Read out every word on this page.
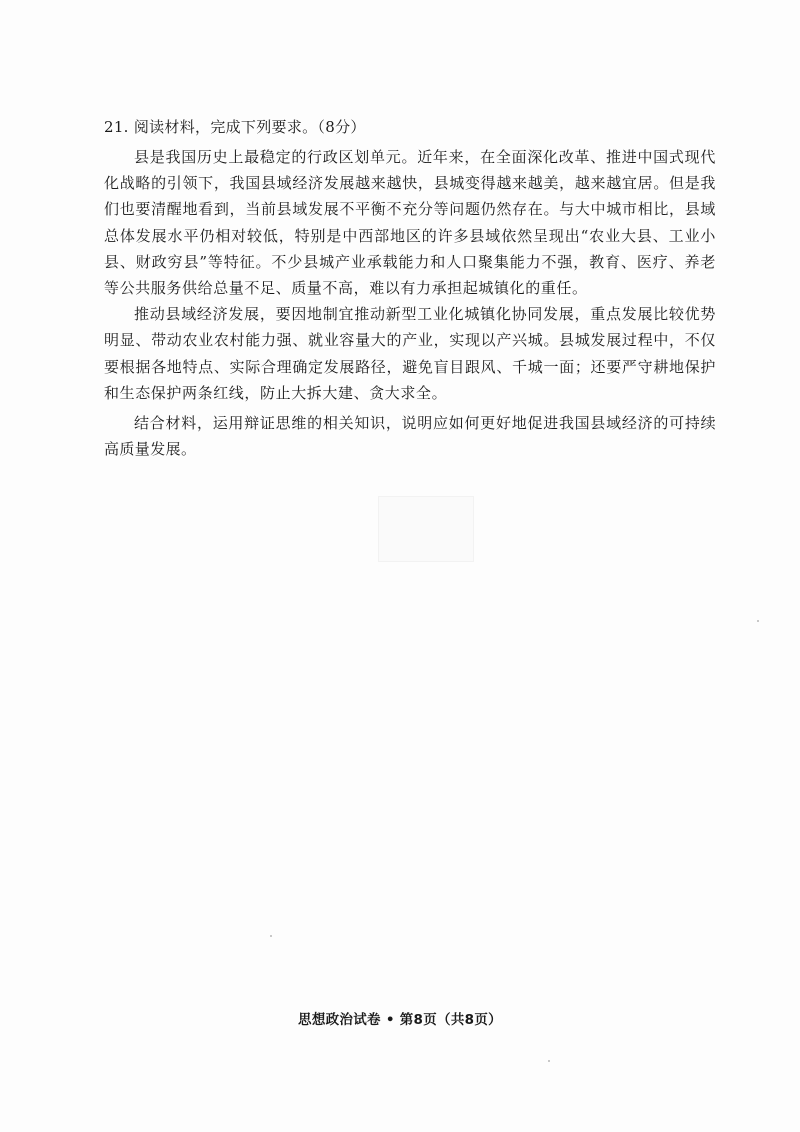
21. 阅读材料，完成下列要求。（8分）

县是我国历史上最稳定的行政区划单元。近年来，在全面深化改革、推进中国式现代化战略的引领下，我国县域经济发展越来越快，县城变得越来越美，越来越宜居。但是我们也要清醒地看到，当前县域发展不平衡不充分等问题仍然存在。与大中城市相比，县域总体发展水平仍相对较低，特别是中西部地区的许多县域依然呈现出“农业大县、工业小县、财政穷县”等特征。不少县城产业承载能力和人口聚集能力不强，教育、医疗、养老等公共服务供给总量不足、质量不高，难以有力承担起城镇化的重任。

推动县域经济发展，要因地制宜推动新型工业化城镇化协同发展，重点发展比较优势明显、带动农业农村能力强、就业容量大的产业，实现以产兴城。县城发展过程中，不仅要根据各地特点、实际合理确定发展路径，避免盲目跟风、千城一面；还要严守耕地保护和生态保护两条红线，防止大拆大建、贪大求全。

结合材料，运用辩证思维的相关知识，说明应如何更好地促进我国县域经济的可持续高质量发展。

思想政治试卷 • 第8页（共8页）
